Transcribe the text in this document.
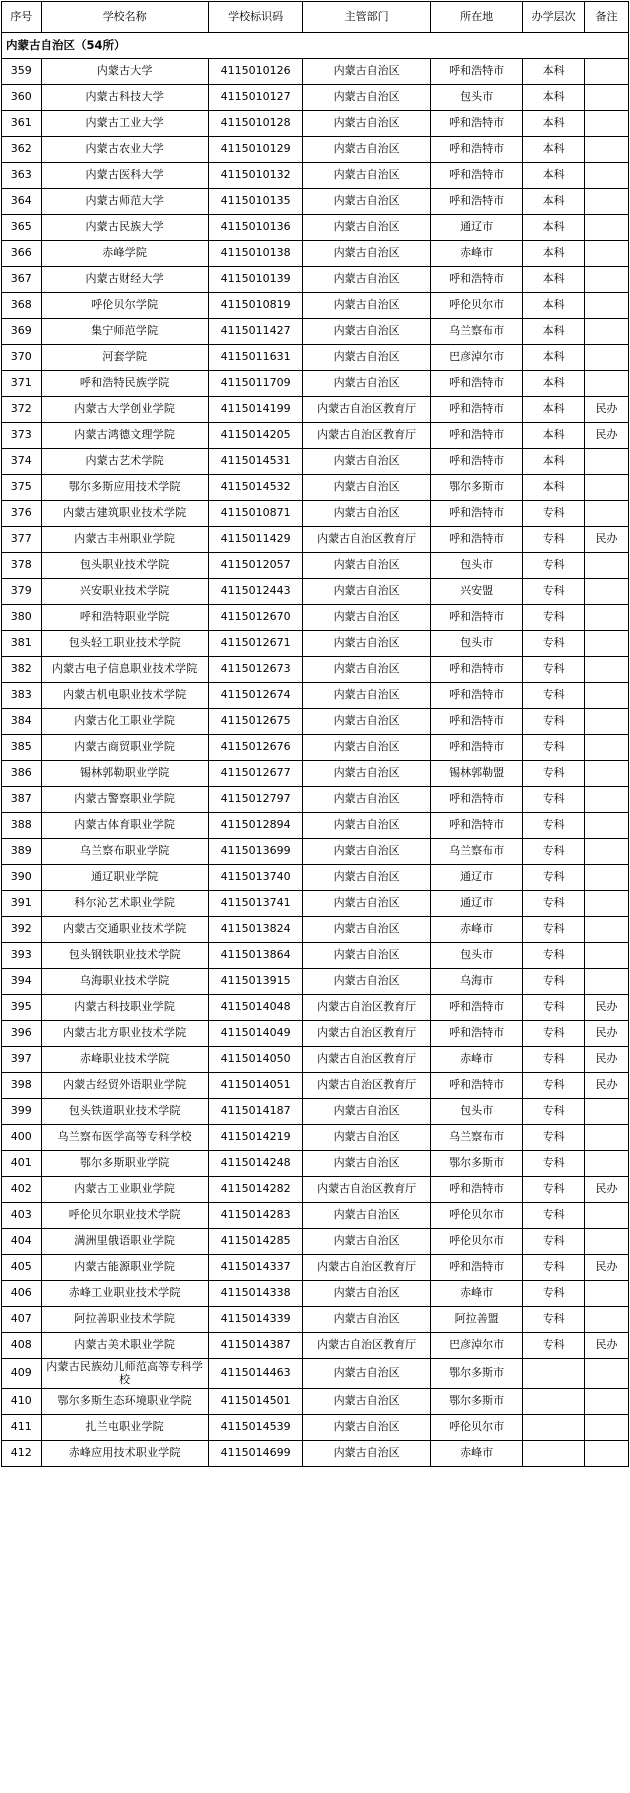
序号	学校名称	学校标识码	主管部门	所在地	办学层次	备注
内蒙古自治区（54所）						
359	内蒙古大学	4115010126	内蒙古自治区	呼和浩特市	本科	
360	内蒙古科技大学	4115010127	内蒙古自治区	包头市	本科	
361	内蒙古工业大学	4115010128	内蒙古自治区	呼和浩特市	本科	
362	内蒙古农业大学	4115010129	内蒙古自治区	呼和浩特市	本科	
363	内蒙古医科大学	4115010132	内蒙古自治区	呼和浩特市	本科	
364	内蒙古师范大学	4115010135	内蒙古自治区	呼和浩特市	本科	
365	内蒙古民族大学	4115010136	内蒙古自治区	通辽市	本科	
366	赤峰学院	4115010138	内蒙古自治区	赤峰市	本科	
367	内蒙古财经大学	4115010139	内蒙古自治区	呼和浩特市	本科	
368	呼伦贝尔学院	4115010819	内蒙古自治区	呼伦贝尔市	本科	
369	集宁师范学院	4115011427	内蒙古自治区	乌兰察布市	本科	
370	河套学院	4115011631	内蒙古自治区	巴彦淖尔市	本科	
371	呼和浩特民族学院	4115011709	内蒙古自治区	呼和浩特市	本科	
372	内蒙古大学创业学院	4115014199	内蒙古自治区教育厅	呼和浩特市	本科	民办
373	内蒙古鸿德文理学院	4115014205	内蒙古自治区教育厅	呼和浩特市	本科	民办
374	内蒙古艺术学院	4115014531	内蒙古自治区	呼和浩特市	本科	
375	鄂尔多斯应用技术学院	4115014532	内蒙古自治区	鄂尔多斯市	本科	
376	内蒙古建筑职业技术学院	4115010871	内蒙古自治区	呼和浩特市	专科	
377	内蒙古丰州职业学院	4115011429	内蒙古自治区教育厅	呼和浩特市	专科	民办
378	包头职业技术学院	4115012057	内蒙古自治区	包头市	专科	
379	兴安职业技术学院	4115012443	内蒙古自治区	兴安盟	专科	
380	呼和浩特职业学院	4115012670	内蒙古自治区	呼和浩特市	专科	
381	包头轻工职业技术学院	4115012671	内蒙古自治区	包头市	专科	
382	内蒙古电子信息职业技术学院	4115012673	内蒙古自治区	呼和浩特市	专科	
383	内蒙古机电职业技术学院	4115012674	内蒙古自治区	呼和浩特市	专科	
384	内蒙古化工职业学院	4115012675	内蒙古自治区	呼和浩特市	专科	
385	内蒙古商贸职业学院	4115012676	内蒙古自治区	呼和浩特市	专科	
386	锡林郭勒职业学院	4115012677	内蒙古自治区	锡林郭勒盟	专科	
387	内蒙古警察职业学院	4115012797	内蒙古自治区	呼和浩特市	专科	
388	内蒙古体育职业学院	4115012894	内蒙古自治区	呼和浩特市	专科	
389	乌兰察布职业学院	4115013699	内蒙古自治区	乌兰察布市	专科	
390	通辽职业学院	4115013740	内蒙古自治区	通辽市	专科	
391	科尔沁艺术职业学院	4115013741	内蒙古自治区	通辽市	专科	
392	内蒙古交通职业技术学院	4115013824	内蒙古自治区	赤峰市	专科	
393	包头钢铁职业技术学院	4115013864	内蒙古自治区	包头市	专科	
394	乌海职业技术学院	4115013915	内蒙古自治区	乌海市	专科	
395	内蒙古科技职业学院	4115014048	内蒙古自治区教育厅	呼和浩特市	专科	民办
396	内蒙古北方职业技术学院	4115014049	内蒙古自治区教育厅	呼和浩特市	专科	民办
397	赤峰职业技术学院	4115014050	内蒙古自治区教育厅	赤峰市	专科	民办
398	内蒙古经贸外语职业学院	4115014051	内蒙古自治区教育厅	呼和浩特市	专科	民办
399	包头铁道职业技术学院	4115014187	内蒙古自治区	包头市	专科	
400	乌兰察布医学高等专科学校	4115014219	内蒙古自治区	乌兰察布市	专科	
401	鄂尔多斯职业学院	4115014248	内蒙古自治区	鄂尔多斯市	专科	
402	内蒙古工业职业学院	4115014282	内蒙古自治区教育厅	呼和浩特市	专科	民办
403	呼伦贝尔职业技术学院	4115014283	内蒙古自治区	呼伦贝尔市	专科	
404	满洲里俄语职业学院	4115014285	内蒙古自治区	呼伦贝尔市	专科	
405	内蒙古能源职业学院	4115014337	内蒙古自治区教育厅	呼和浩特市	专科	民办
406	赤峰工业职业技术学院	4115014338	内蒙古自治区	赤峰市	专科	
407	阿拉善职业技术学院	4115014339	内蒙古自治区	阿拉善盟	专科	
408	内蒙古美术职业学院	4115014387	内蒙古自治区教育厅	巴彦淖尔市	专科	民办
409	内蒙古民族幼儿师范高等专科学校	4115014463	内蒙古自治区	鄂尔多斯市		
410	鄂尔多斯生态环境职业学院	4115014501	内蒙古自治区	鄂尔多斯市		
411	扎兰屯职业学院	4115014539	内蒙古自治区	呼伦贝尔市		
412	赤峰应用技术职业学院	4115014699	内蒙古自治区	赤峰市		
